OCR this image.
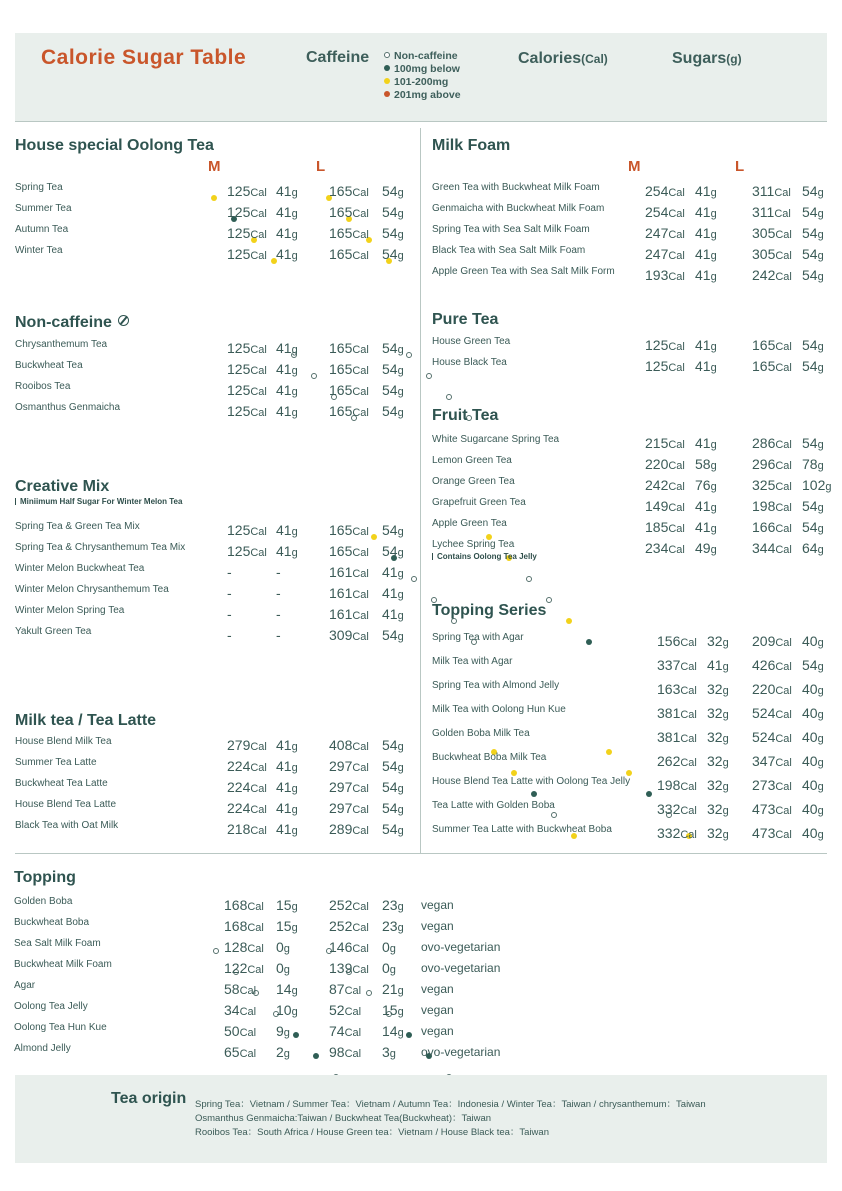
Calorie Sugar Table	Caffeine	Non-caffeine
100mg below
101-200mg
201mg above
Calories(Cal)	Sugars(g)
House special Oolong Tea
M	L
Spring Tea	125Cal 41g 165Cal 54g
Summer Tea	125Cal 41g 165Cal 54g
Autumn Tea	125Cal 41g 165Cal 54g
Winter Tea	125Cal 41g 165Cal 54g
Non-caffeine
Chrysanthemum Tea	125Cal 41g 165Cal 54g
Buckwheat Tea	125Cal 41g 165Cal 54g
Rooibos Tea	125Cal 41g 165Cal 54g
Osmanthus Genmaicha	125Cal 41g 165Cal 54g
Creative Mix
Miniimum Half Sugar For Winter Melon Tea
Spring Tea & Green Tea Mix	125Cal 41g 165Cal 54g
Spring Tea & Chrysanthemum Tea Mix	125Cal 41g 165Cal 54g
Winter Melon Buckwheat Tea	-	-	161Cal 41g
Winter Melon Chrysanthemum Tea	-	-	161Cal 41g
Winter Melon Spring Tea	-	-	161Cal 41g
Yakult Green Tea	-	-	309Cal 54g
Milk tea / Tea Latte
House Blend Milk Tea	279Cal 41g 408Cal 54g
Summer Tea Latte	224Cal 41g 297Cal 54g
Buckwheat Tea Latte	224Cal 41g 297Cal 54g
House Blend Tea Latte	224Cal 41g 297Cal 54g
Black Tea with Oat Milk	218Cal 41g 289Cal 54g
Milk Foam
M	L
Green Tea with Buckwheat Milk Foam	254Cal 41g	311Cal 54g
Genmaicha with Buckwheat Milk Foam	254Cal 41g	311Cal 54g
Spring Tea with Sea Salt Milk Foam	247Cal 41g	305Cal 54g
Black Tea with Sea Salt Milk Foam	247Cal 41g	305Cal 54g
Apple Green Tea with Sea Salt Milk Form 193Cal 41g	242Cal 54g
Pure Tea
House Green Tea	125Cal 41g	165Cal 54g
House Black Tea	125Cal 41g	165Cal 54g
Fruit Tea
Contains Oolong Tea Jelly
White Sugarcane Spring Tea	215Cal 41g	286Cal 54g
Lemon Green Tea	220Cal 58g	296Cal 78g
Orange Green Tea	242Cal 76g	325Cal 102g
Grapefruit Green Tea	149Cal 41g	198Cal 54g
Apple Green Tea	185Cal 41g	166Cal 54g
Lychee Spring Tea	234Cal 49g	344Cal 64g
Topping Series
Spring Tea with Agar	156Cal 32g 209Cal 40g
Milk Tea with Agar	337Cal 41g 426Cal 54g
Spring Tea with Almond Jelly	163Cal 32g 220Cal 40g
Milk Tea with Oolong Hun Kue	381Cal 32g 524Cal 40g
Golden Boba Milk Tea	381Cal 32g 524Cal 40g
Buckwheat Boba Milk Tea	262Cal 32g 347Cal 40g
House Blend Tea Latte with Oolong Tea Jelly 198Cal 32g 273Cal 40g
Tea Latte with Golden Boba	332Cal 32g 473Cal 40g
Summer Tea Latte with Buckwheat Boba	332Cal 32g 473Cal 40g
Topping
Golden Boba	168Cal 15g 252Cal 23g vegan
Buckwheat Boba	168Cal 15g 252Cal 23g vegan
Sea Salt Milk Foam	128Cal 0g	146Cal 0g ovo-vegetarian
Buckwheat Milk Foam	122Cal 0g	139Cal 0g ovo-vegetarian
Agar	58Cal 14g 87Cal 21g vegan
Oolong Tea Jelly	34Cal 10g 52Cal 15g vegan
Oolong Tea Hun Kue	50Cal 9g	74Cal 14g vegan
Almond Jelly	65Cal 2g	98Cal 3g ovo-vegetarian
Tea origin Spring Tea：Vietnam / Summer Tea：Vietnam / Autumn Tea：Indonesia / Winter Tea：Taiwan / chrysanthemum：Taiwan
Osmanthus Genmaicha:Taiwan / Buckwheat Tea(Buckwheat)：Taiwan
Rooibos Tea：South Africa / House Green tea：Vietnam / House Black tea：Taiwan
